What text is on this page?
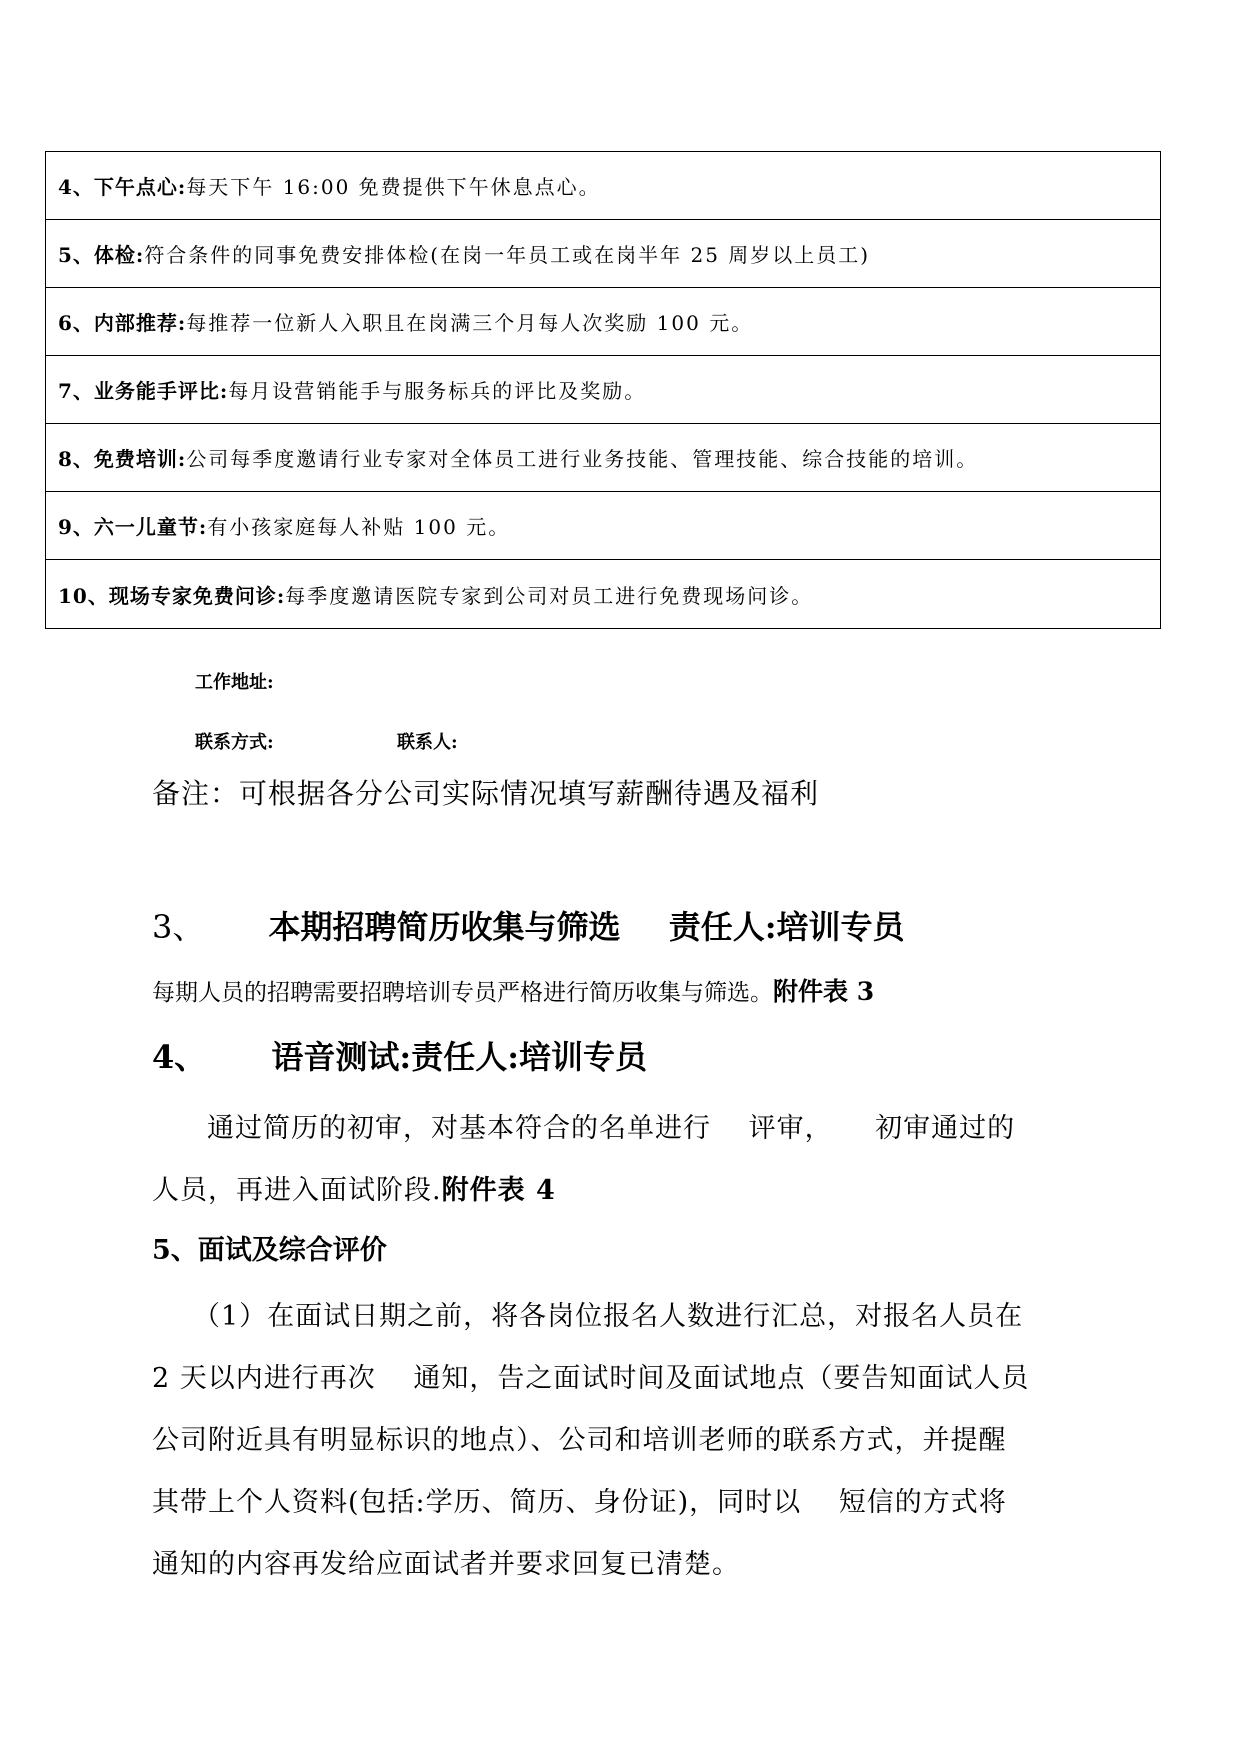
4、下午点心: 每天下午 16:00 免费提供下午休息点心。
5、体检: 符合条件的同事免费安排体检(在岗一年员工或在岗半年 25 周岁以上员工)
6、内部推荐: 每推荐一位新人入职且在岗满三个月每人次奖励 100 元。
7、业务能手评比: 每月设营销能手与服务标兵的评比及奖励。
8、免费培训: 公司每季度邀请行业专家对全体员工进行业务技能、管理技能、综合技能的培训。
9、六一儿童节: 有小孩家庭每人补贴 100 元。
10、现场专家免费问诊: 每季度邀请医院专家到公司对员工进行免费现场问诊。
工作地址:
联系方式:	联系人:
备注：可根据各分公司实际情况填写薪酬待遇及福利
3、 本期招聘简历收集与筛选 责任人:培训专员
每期人员的招聘需要招聘培训专员严格进行简历收集与筛选。附件表 3
4、 语音测试:责任人:培训专员
通过简历的初审，对基本符合的名单进行　 评审，　　初审通过的
人员，再进入面试阶段.附件表 4
5、面试及综合评价
（1）在面试日期之前，将各岗位报名人数进行汇总，对报名人员在
2 天以内进行再次　 通知，告之面试时间及面试地点（要告知面试人员
公司附近具有明显标识的地点）、公司和培训老师的联系方式，并提醒
其带上个人资料(包括:学历、简历、身份证)，同时以　 短信的方式将
通知的内容再发给应面试者并要求回复已清楚。
